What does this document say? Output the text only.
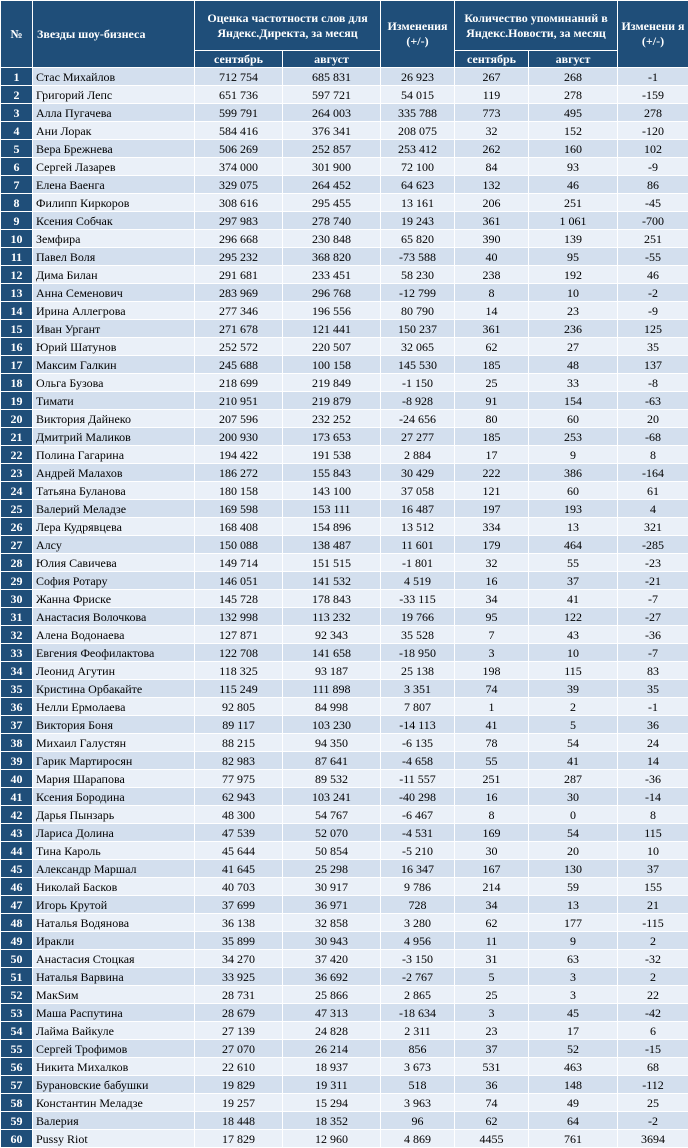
№	Звезды шоу-бизнеса	Оценка частотности слов для Яндекс.Директа, за месяц		Изменения (+/-)	Количество упоминаний в Яндекс.Новости, за месяц		Изменени я (+/-)
		сентябрь	август		сентябрь	август	
1	Стас Михайлов	712 754	685 831	26 923	267	268	-1
2	Григорий Лепс	651 736	597 721	54 015	119	278	-159
3	Алла Пугачева	599 791	264 003	335 788	773	495	278
4	Ани Лорак	584 416	376 341	208 075	32	152	-120
5	Вера Брежнева	506 269	252 857	253 412	262	160	102
6	Сергей Лазарев	374 000	301 900	72 100	84	93	-9
7	Елена Ваенга	329 075	264 452	64 623	132	46	86
8	Филипп Киркоров	308 616	295 455	13 161	206	251	-45
9	Ксения Собчак	297 983	278 740	19 243	361	1 061	-700
10	Земфира	296 668	230 848	65 820	390	139	251
11	Павел Воля	295 232	368 820	-73 588	40	95	-55
12	Дима Билан	291 681	233 451	58 230	238	192	46
13	Анна Семенович	283 969	296 768	-12 799	8	10	-2
14	Ирина Аллегрова	277 346	196 556	80 790	14	23	-9
15	Иван Ургант	271 678	121 441	150 237	361	236	125
16	Юрий Шатунов	252 572	220 507	32 065	62	27	35
17	Максим Галкин	245 688	100 158	145 530	185	48	137
18	Ольга Бузова	218 699	219 849	-1 150	25	33	-8
19	Тимати	210 951	219 879	-8 928	91	154	-63
20	Виктория Дайнеко	207 596	232 252	-24 656	80	60	20
21	Дмитрий Маликов	200 930	173 653	27 277	185	253	-68
22	Полина Гагарина	194 422	191 538	2 884	17	9	8
23	Андрей Малахов	186 272	155 843	30 429	222	386	-164
24	Татьяна Буланова	180 158	143 100	37 058	121	60	61
25	Валерий Меладзе	169 598	153 111	16 487	197	193	4
26	Лера Кудрявцева	168 408	154 896	13 512	334	13	321
27	Алсу	150 088	138 487	11 601	179	464	-285
28	Юлия Савичева	149 714	151 515	-1 801	32	55	-23
29	София Ротару	146 051	141 532	4 519	16	37	-21
30	Жанна Фриске	145 728	178 843	-33 115	34	41	-7
31	Анастасия Волочкова	132 998	113 232	19 766	95	122	-27
32	Алена Водонаева	127 871	92 343	35 528	7	43	-36
33	Евгения Феофилактова	122 708	141 658	-18 950	3	10	-7
34	Леонид Агутин	118 325	93 187	25 138	198	115	83
35	Кристина Орбакайте	115 249	111 898	3 351	74	39	35
36	Нелли Ермолаева	92 805	84 998	7 807	1	2	-1
37	Виктория Боня	89 117	103 230	-14 113	41	5	36
38	Михаил Галустян	88 215	94 350	-6 135	78	54	24
39	Гарик Мартиросян	82 983	87 641	-4 658	55	41	14
40	Мария Шарапова	77 975	89 532	-11 557	251	287	-36
41	Ксения Бородина	62 943	103 241	-40 298	16	30	-14
42	Дарья Пынзарь	48 300	54 767	-6 467	8	0	8
43	Лариса Долина	47 539	52 070	-4 531	169	54	115
44	Тина Кароль	45 644	50 854	-5 210	30	20	10
45	Александр Маршал	41 645	25 298	16 347	167	130	37
46	Николай Басков	40 703	30 917	9 786	214	59	155
47	Игорь Крутой	37 699	36 971	728	34	13	21
48	Наталья Водянова	36 138	32 858	3 280	62	177	-115
49	Иракли	35 899	30 943	4 956	11	9	2
50	Анастасия Стоцкая	34 270	37 420	-3 150	31	63	-32
51	Наталья Варвина	33 925	36 692	-2 767	5	3	2
52	МакSим	28 731	25 866	2 865	25	3	22
53	Маша Распутина	28 679	47 313	-18 634	3	45	-42
54	Лайма Вайкуле	27 139	24 828	2 311	23	17	6
55	Сергей Трофимов	27 070	26 214	856	37	52	-15
56	Никита Михалков	22 610	18 937	3 673	531	463	68
57	Бурановские бабушки	19 829	19 311	518	36	148	-112
58	Константин Меладзе	19 257	15 294	3 963	74	49	25
59	Валерия	18 448	18 352	96	62	64	-2
60	Pussy Riot	17 829	12 960	4 869	4455	761	3694
